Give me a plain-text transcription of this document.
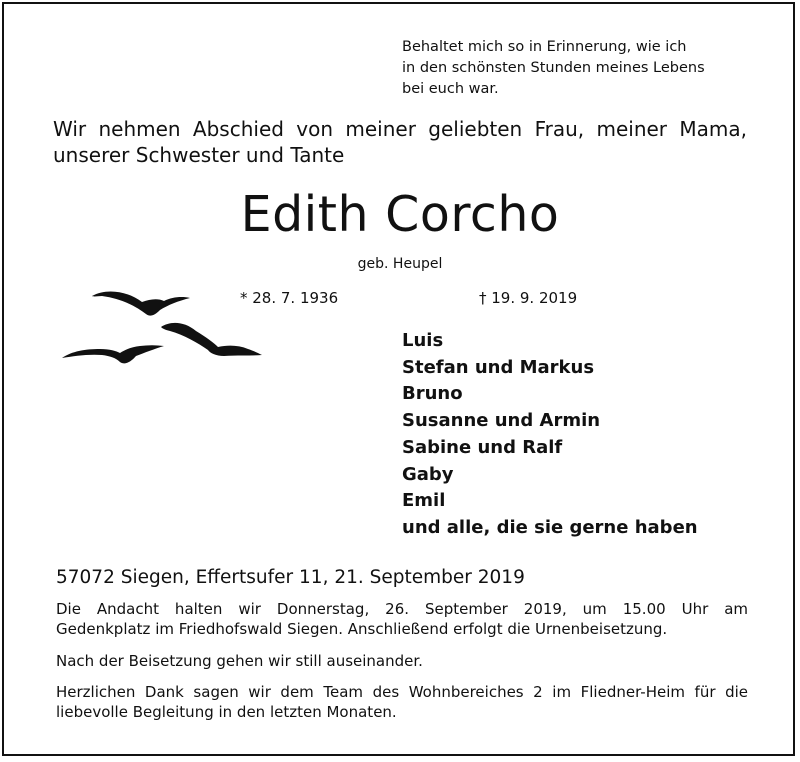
Behaltet mich so in Erinnerung, wie ich
in den schönsten Stunden meines Lebens
bei euch war.
Wir nehmen Abschied von meiner geliebten Frau, meiner Mama,
unserer Schwester und Tante
Edith Corcho
geb. Heupel
* 28. 7. 1936	† 19. 9. 2019
Luis
Stefan und Markus
Bruno
Susanne und Armin
Sabine und Ralf
Gaby
Emil
und alle, die sie gerne haben
57072 Siegen, Effertsufer 11, 21. September 2019
Die Andacht halten wir Donnerstag, 26. September 2019, um 15.00 Uhr am
Gedenkplatz im Friedhofswald Siegen. Anschließend erfolgt die Urnenbeisetzung.
Nach der Beisetzung gehen wir still auseinander.
Herzlichen Dank sagen wir dem Team des Wohnbereiches 2 im Fliedner-Heim für die
liebevolle Begleitung in den letzten Monaten.
